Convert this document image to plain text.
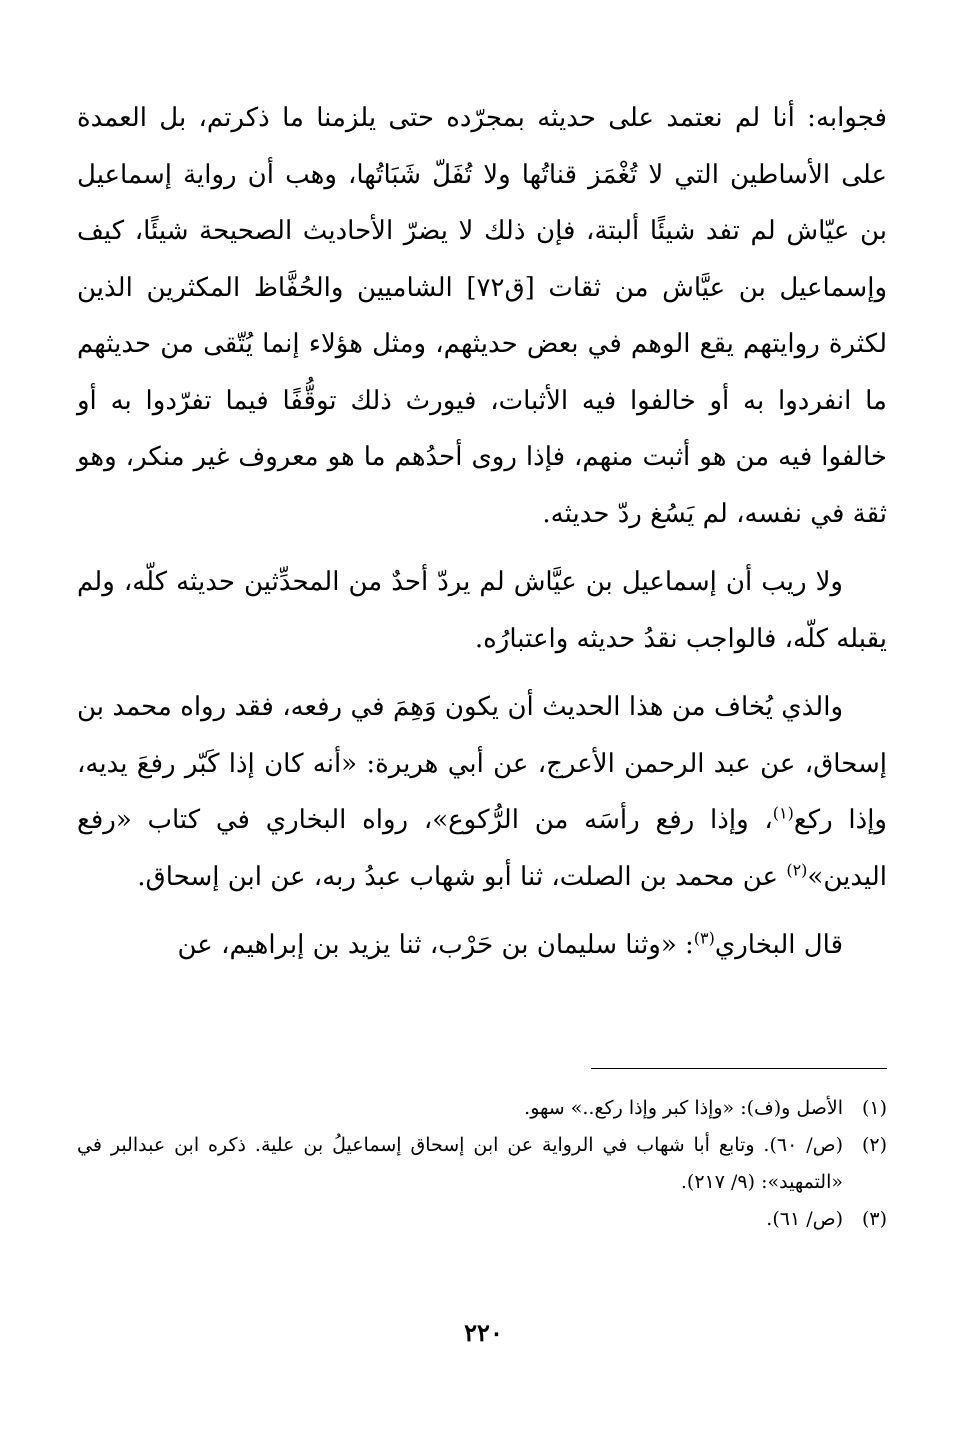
فجوابه: أنا لم نعتمد على حديثه بمجرّده حتى يلزمنا ما ذكرتم، بل العمدة على الأساطين التي لا تُغْمَز قناتُها ولا تُفَلّ شَبَاتُها، وهب أن رواية إسماعيل بن عيّاش لم تفد شيئًا ألبتة، فإن ذلك لا يضرّ الأحاديث الصحيحة شيئًا، كيف وإسماعيل بن عيَّاش من ثقات [ق٧٢] الشاميين والحُفَّاظ المكثرين الذين لكثرة روايتهم يقع الوهم في بعض حديثهم، ومثل هؤلاء إنما يُتّقى من حديثهم ما انفردوا به أو خالفوا فيه الأثبات، فيورث ذلك توقُّفًا فيما تفرّدوا به أو خالفوا فيه من هو أثبت منهم، فإذا روى أحدُهم ما هو معروف غير منكر، وهو ثقة في نفسه، لم يَسُغ ردّ حديثه.

ولا ريب أن إسماعيل بن عيَّاش لم يردّ أحدٌ من المحدِّثين حديثه كلّه، ولم يقبله كلّه، فالواجب نقدُ حديثه واعتبارُه.

والذي يُخاف من هذا الحديث أن يكون وَهِمَ في رفعه، فقد رواه محمد بن إسحاق، عن عبد الرحمن الأعرج، عن أبي هريرة: «أنه كان إذا كَبّر رفعَ يديه، وإذا ركع$^{(١)}$، وإذا رفع رأسَه من الرُّكوع»، رواه البخاري في كتاب «رفع اليدين»$^{(٢)}$ عن محمد بن الصلت، ثنا أبو شهاب عبدُ ربه، عن ابن إسحاق.

قال البخاري$^{(٣)}$: «وثنا سليمان بن حَرْب، ثنا يزيد بن إبراهيم، عن

(١)
الأصل و(ف): «وإذا كبر وإذا ركع..» سهو.
(٢)
(ص/ ٦٠). وتابع أبا شهاب في الرواية عن ابن إسحاق إسماعيلُ بن علية. ذكره ابن عبدالبر في «التمهيد»: (٩/ ٢١٧).
(٣)
(ص/ ٦١).
٢٢٠
